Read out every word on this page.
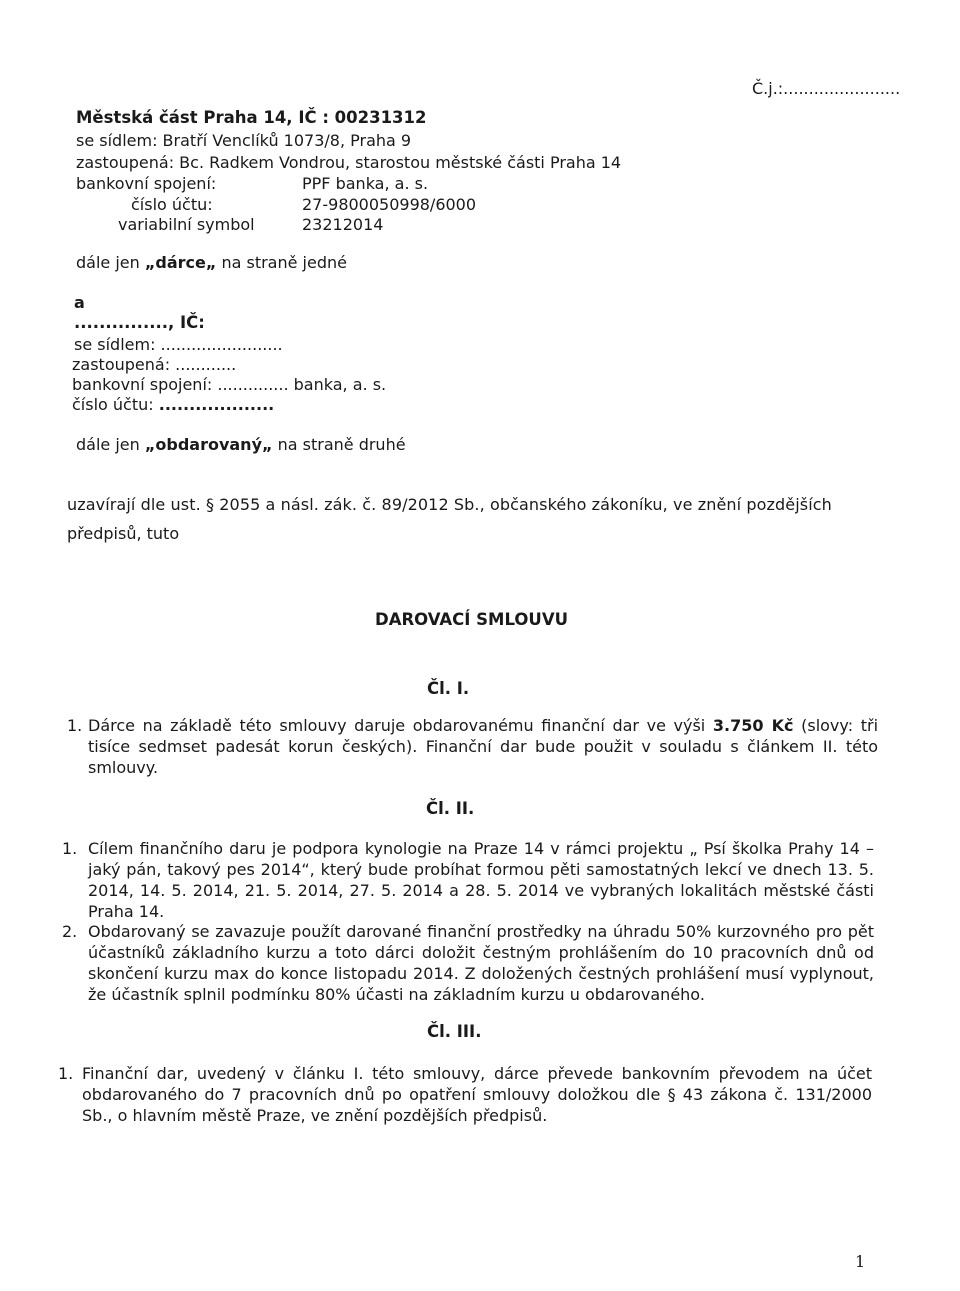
Č.j.:.......................
Městská část Praha 14, IČ : 00231312
se sídlem: Bratří Venclíků 1073/8, Praha 9
zastoupená: Bc. Radkem Vondrou, starostou městské části Praha 14
bankovní spojení:	PPF banka, a. s.
číslo účtu:	27-9800050998/6000
variabilní symbol	23212014
dále jen „dárce„ na straně jedné
a
..............., IČ:
se sídlem: ........................
zastoupená: ............
bankovní spojení: .............. banka, a. s.
číslo účtu: ...................
dále jen „obdarovaný„ na straně druhé
uzavírají dle ust. § 2055 a násl. zák. č. 89/2012 Sb., občanského zákoníku, ve znění pozdějších
předpisů, tuto
DAROVACÍ SMLOUVU
Čl. I.
1. Dárce na základě této smlouvy daruje obdarovanému finanční dar ve výši 3.750 Kč (slovy: tři tisíce sedmset padesát korun českých). Finanční dar bude použit v souladu s článkem II. této smlouvy.
Čl. II.
1. Cílem finančního daru je podpora kynologie na Praze 14 v rámci projektu „ Psí školka Prahy 14 – jaký pán, takový pes 2014“, který bude probíhat formou pěti samostatných lekcí ve dnech 13. 5. 2014, 14. 5. 2014, 21. 5. 2014, 27. 5. 2014 a 28. 5. 2014 ve vybraných lokalitách městské části Praha 14.
2. Obdarovaný se zavazuje použít darované finanční prostředky na úhradu 50% kurzovného pro pět účastníků základního kurzu a toto dárci doložit čestným prohlášením do 10 pracovních dnů od skončení kurzu max do konce listopadu 2014. Z doložených čestných prohlášení musí vyplynout, že účastník splnil podmínku 80% účasti na základním kurzu u obdarovaného.
Čl. III.
1. Finanční dar, uvedený v článku I. této smlouvy, dárce převede bankovním převodem na účet obdarovaného do 7 pracovních dnů po opatření smlouvy doložkou dle § 43 zákona č. 131/2000 Sb., o hlavním městě Praze, ve znění pozdějších předpisů.
1
